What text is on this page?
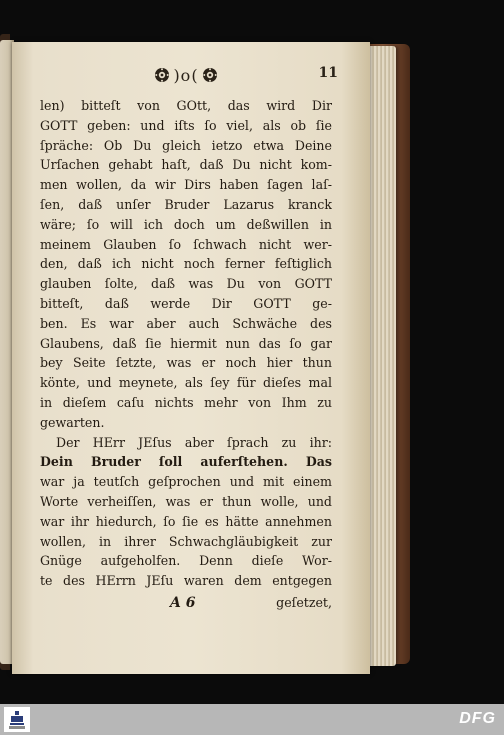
)o(	11
len) bitteſt von GOtt, das wird Dir
GOTT geben: und iſts ſo viel, als ob ſie
ſpräche: Ob Du gleich ietzo etwa Deine
Urſachen gehabt haſt, daß Du nicht kom-
men wollen, da wir Dirs haben ſagen laſ-
ſen, daß unſer Bruder Lazarus kranck
wäre; ſo will ich doch um deßwillen in
meinem Glauben ſo ſchwach nicht wer-
den, daß ich nicht noch ferner feſtiglich
glauben ſolte, daß was Du von GOTT
bitteſt, daß werde Dir GOTT ge-
ben. Es war aber auch Schwäche des
Glaubens, daß ſie hiermit nun das ſo gar
bey Seite ſetzte, was er noch hier thun
könte, und meynete, als ſey für dieſes mal
in dieſem caſu nichts mehr von Ihm zu
gewarten.
Der HErr JEſus aber ſprach zu ihr:
Dein Bruder ſoll auferſtehen. Das
war ja teutſch geſprochen und mit einem
Worte verheiſſen, was er thun wolle, und
war ihr hiedurch, ſo ſie es hätte annehmen
wollen, in ihrer Schwachgläubigkeit zur
Gnüge aufgeholfen. Denn dieſe Wor-
te des HErrn JEſu waren dem entgegen
A 6	geſetzet,
DFG
